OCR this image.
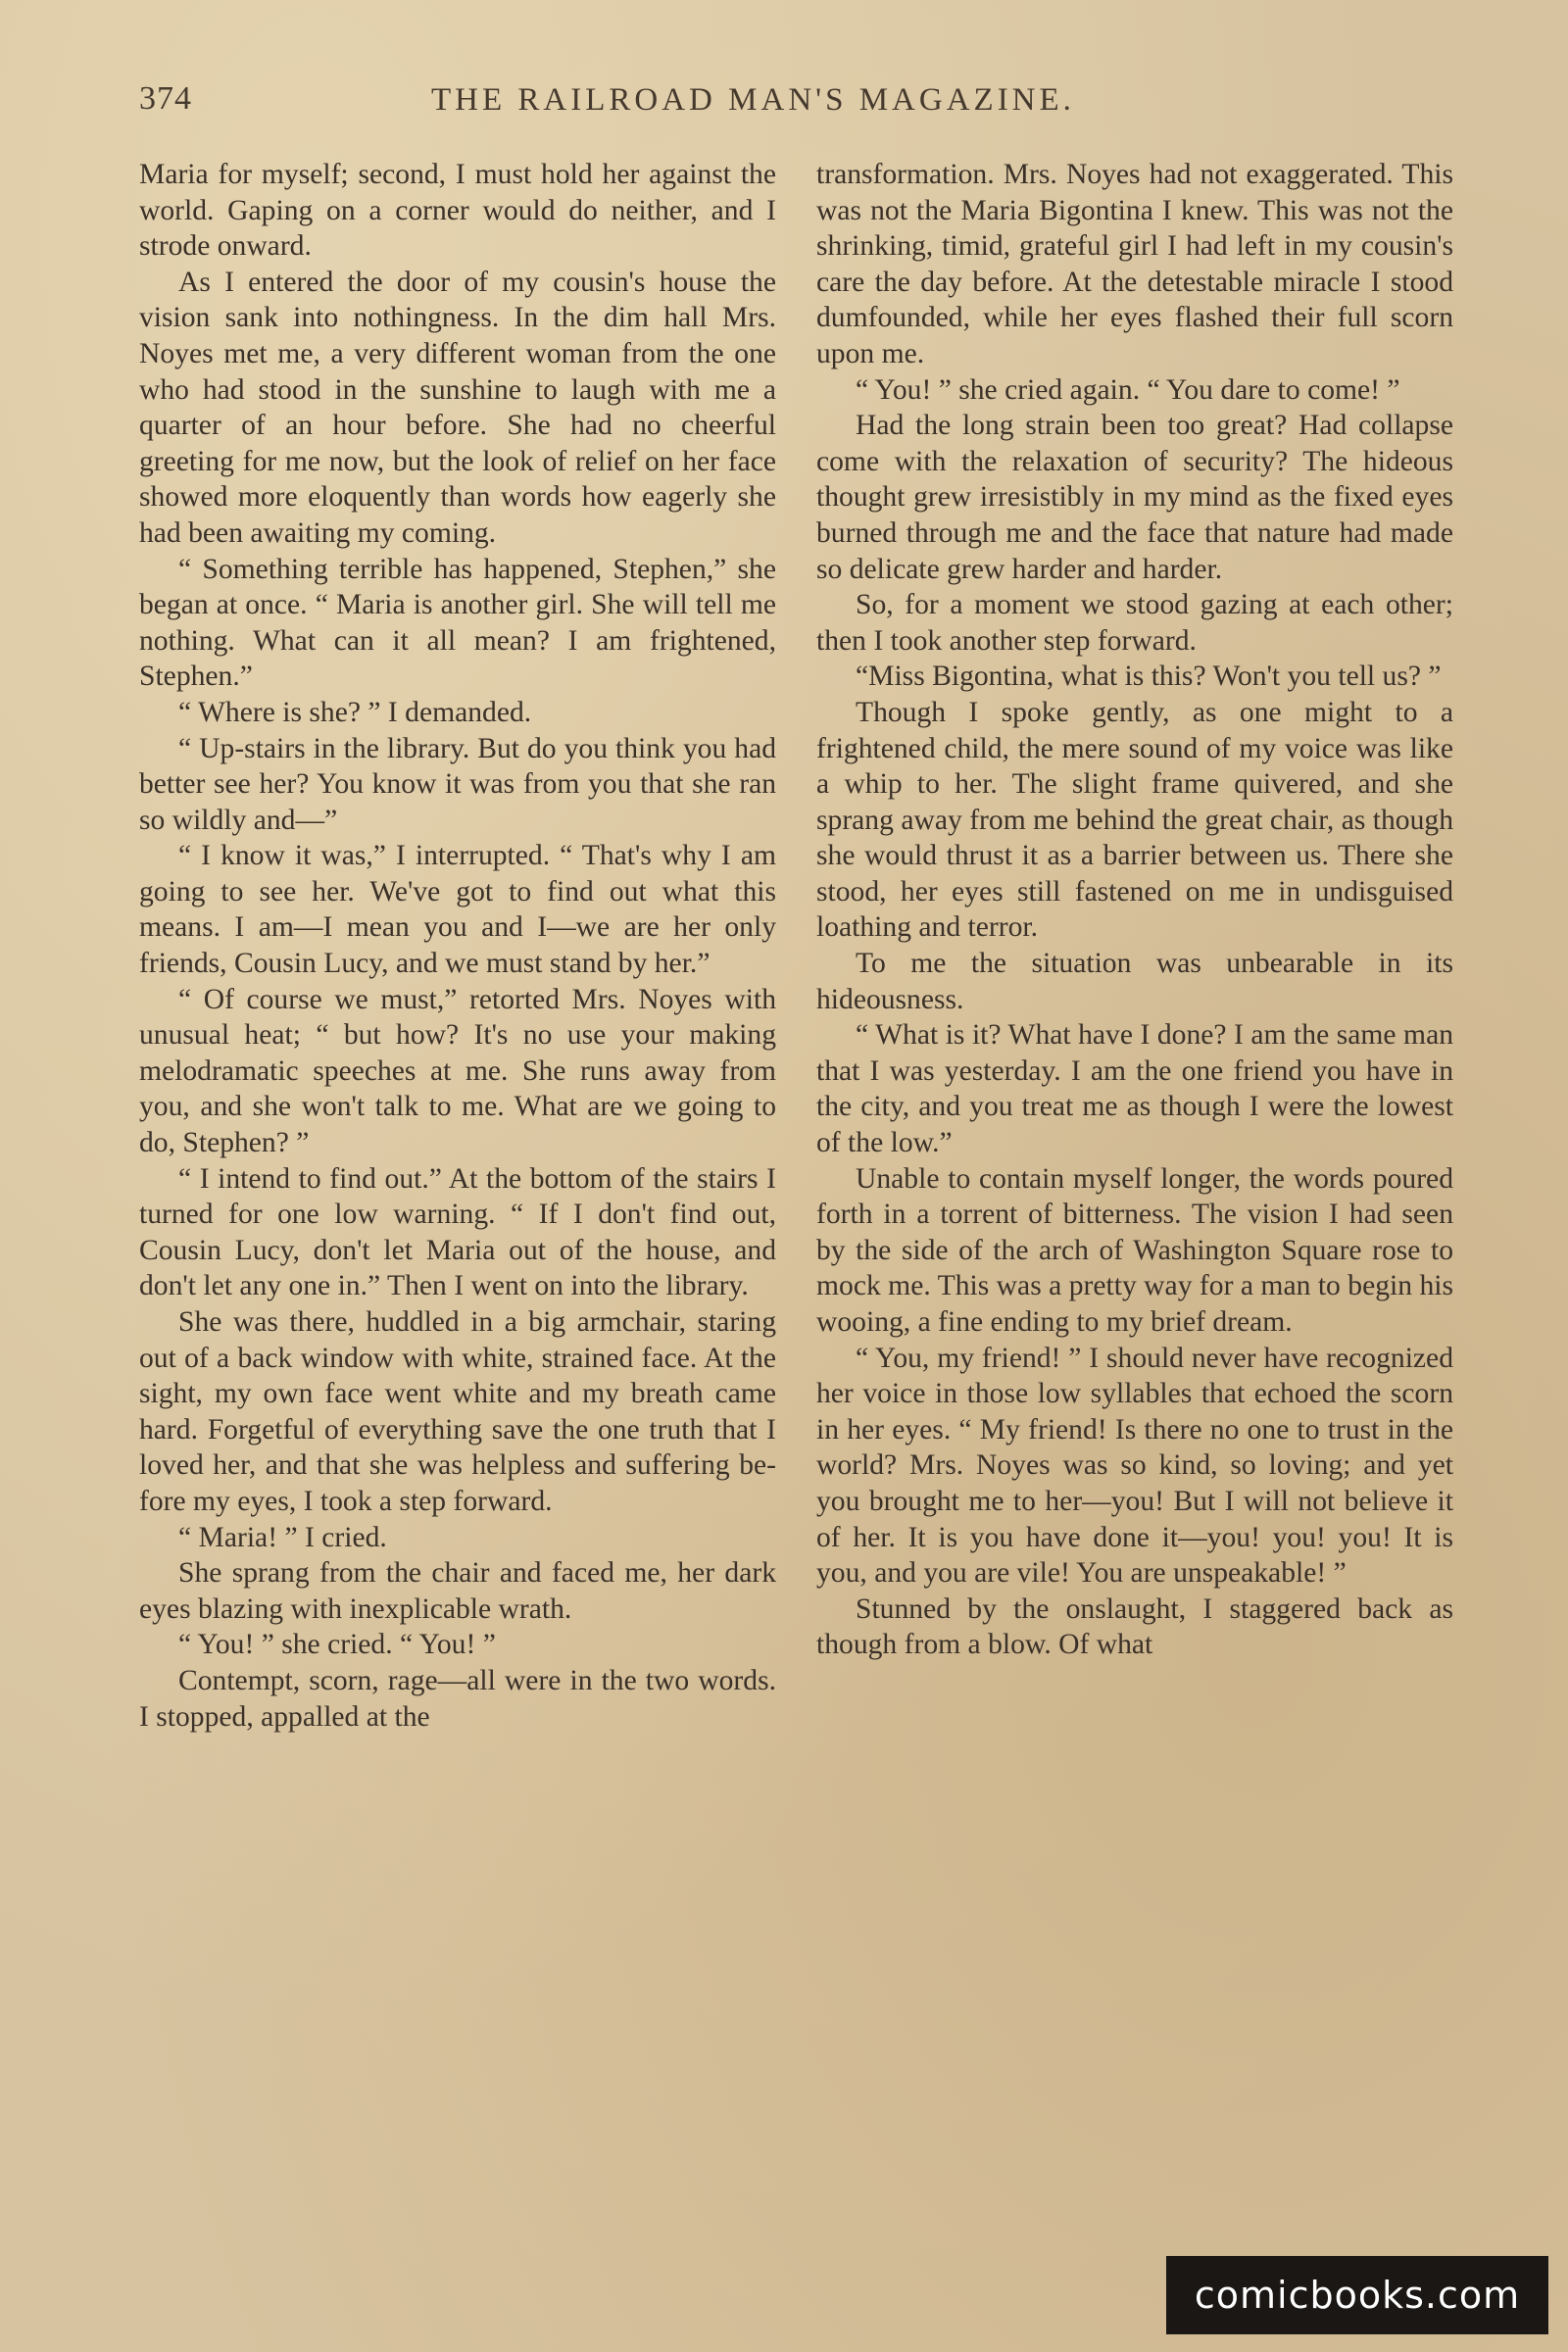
374	THE RAILROAD MAN'S MAGAZINE.

Maria for myself; second, I must hold her against the world. Gaping on a corner would do neither, and I strode onward.

As I entered the door of my cousin's house the vision sank into nothingness. In the dim hall Mrs. Noyes met me, a very different woman from the one who had stood in the sunshine to laugh with me a quarter of an hour before. She had no cheerful greeting for me now, but the look of relief on her face showed more eloquently than words how eagerly she had been awaiting my coming.

“ Something terrible has happened, Stephen,” she began at once. “ Maria is another girl. She will tell me nothing. What can it all mean? I am frightened, Stephen.”

“ Where is she? ” I demanded.

“ Up-stairs in the library. But do you think you had better see her? You know it was from you that she ran so wildly and—”

“ I know it was,” I interrupted. “ That's why I am going to see her. We've got to find out what this means. I am—I mean you and I—we are her only friends, Cousin Lucy, and we must stand by her.”

“ Of course we must,” retorted Mrs. Noyes with unusual heat; “ but how? It's no use your making melodramatic speeches at me. She runs away from you, and she won't talk to me. What are we going to do, Stephen? ”

“ I intend to find out.” At the bottom of the stairs I turned for one low warning. “ If I don't find out, Cousin Lucy, don't let Maria out of the house, and don't let any one in.” Then I went on into the library.

She was there, huddled in a big armchair, staring out of a back window with white, strained face. At the sight, my own face went white and my breath came hard. Forgetful of everything save the one truth that I loved her, and that she was helpless and suffering before my eyes, I took a step forward.

“ Maria! ” I cried.

She sprang from the chair and faced me, her dark eyes blazing with inexplicable wrath.

“ You! ” she cried. “ You! ”

Contempt, scorn, rage—all were in the two words. I stopped, appalled at the

transformation. Mrs. Noyes had not exaggerated. This was not the Maria Bigontina I knew. This was not the shrinking, timid, grateful girl I had left in my cousin's care the day before. At the detestable miracle I stood dumfounded, while her eyes flashed their full scorn upon me.

“ You! ” she cried again. “ You dare to come! ”

Had the long strain been too great? Had collapse come with the relaxation of security? The hideous thought grew irresistibly in my mind as the fixed eyes burned through me and the face that nature had made so delicate grew harder and harder.

So, for a moment we stood gazing at each other; then I took another step forward.

“Miss Bigontina, what is this? Won't you tell us? ”

Though I spoke gently, as one might to a frightened child, the mere sound of my voice was like a whip to her. The slight frame quivered, and she sprang away from me behind the great chair, as though she would thrust it as a barrier between us. There she stood, her eyes still fastened on me in undisguised loathing and terror.

To me the situation was unbearable in its hideousness.

“ What is it? What have I done? I am the same man that I was yesterday. I am the one friend you have in the city, and you treat me as though I were the lowest of the low.”

Unable to contain myself longer, the words poured forth in a torrent of bitterness. The vision I had seen by the side of the arch of Washington Square rose to mock me. This was a pretty way for a man to begin his wooing, a fine ending to my brief dream.

“ You, my friend! ” I should never have recognized her voice in those low syllables that echoed the scorn in her eyes. “ My friend! Is there no one to trust in the world? Mrs. Noyes was so kind, so loving; and yet you brought me to her—you! But I will not believe it of her. It is you have done it—you! you! you! It is you, and you are vile! You are unspeakable! ”

Stunned by the onslaught, I staggered back as though from a blow. Of what

comicbooks.com
